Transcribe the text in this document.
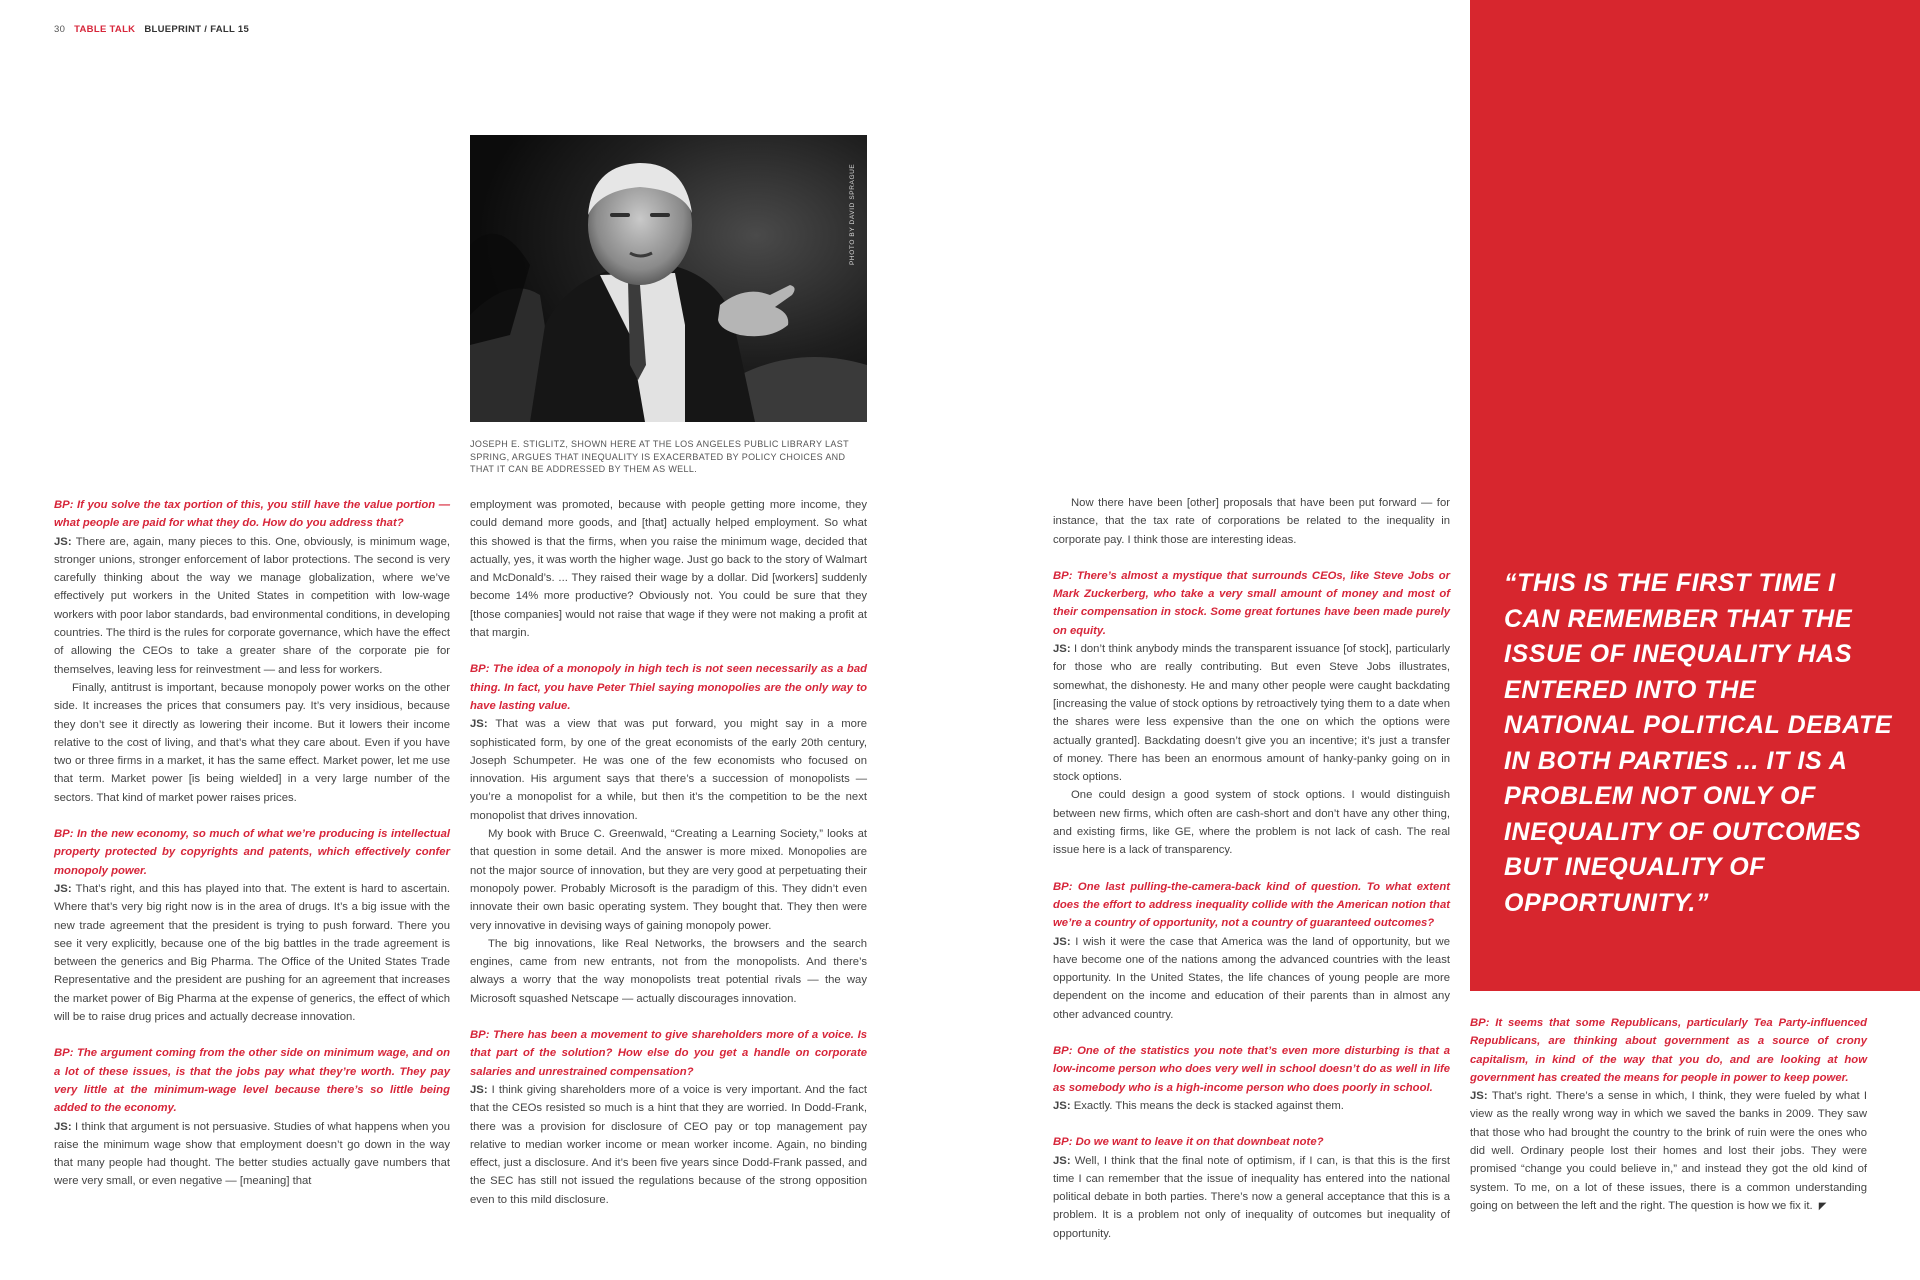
30 TABLE TALK BLUEPRINT / FALL 15
PHOTO BY DAVID SPRAGUE
JOSEPH E. STIGLITZ, SHOWN HERE AT THE LOS ANGELES PUBLIC LIBRARY LAST SPRING, ARGUES THAT INEQUALITY IS EXACERBATED BY POLICY CHOICES AND THAT IT CAN BE ADDRESSED BY THEM AS WELL.
“THIS IS THE FIRST TIME I CAN REMEMBER THAT THE ISSUE OF INEQUALITY HAS ENTERED INTO THE NATIONAL POLITICAL DEBATE IN BOTH PARTIES ... IT IS A PROBLEM NOT ONLY OF INEQUALITY OF OUTCOMES BUT INEQUALITY OF OPPORTUNITY.”

BP: If you solve the tax portion of this, you still have the value portion — what people are paid for what they do. How do you address that?

JS: There are, again, many pieces to this. One, obviously, is minimum wage, stronger unions, stronger enforcement of labor protections. The second is very carefully thinking about the way we manage globalization, where we’ve effectively put workers in the United States in competition with low-wage workers with poor labor standards, bad environmental conditions, in developing countries. The third is the rules for corporate governance, which have the effect of allowing the CEOs to take a greater share of the corporate pie for themselves, leaving less for reinvestment — and less for workers.

Finally, antitrust is important, because monopoly power works on the other side. It increases the prices that consumers pay. It’s very insidious, because they don’t see it directly as lowering their income. But it lowers their income relative to the cost of living, and that’s what they care about. Even if you have two or three firms in a market, it has the same effect. Market power, let me use that term. Market power [is being wielded] in a very large number of the sectors. That kind of market power raises prices.

BP: In the new economy, so much of what we’re producing is intellectual property protected by copyrights and patents, which effectively confer monopoly power.

JS: That’s right, and this has played into that. The extent is hard to ascertain. Where that’s very big right now is in the area of drugs. It’s a big issue with the new trade agreement that the president is trying to push forward. There you see it very explicitly, because one of the big battles in the trade agreement is between the generics and Big Pharma. The Office of the United States Trade Representative and the president are pushing for an agreement that increases the market power of Big Pharma at the expense of generics, the effect of which will be to raise drug prices and actually decrease innovation.

BP: The argument coming from the other side on minimum wage, and on a lot of these issues, is that the jobs pay what they’re worth. They pay very little at the minimum-wage level because there’s so little being added to the economy.

JS: I think that argument is not persuasive. Studies of what happens when you raise the minimum wage show that employment doesn’t go down in the way that many people had thought. The better studies actually gave numbers that were very small, or even negative — [meaning] that

employment was promoted, because with people getting more income, they could demand more goods, and [that] actually helped employment. So what this showed is that the firms, when you raise the minimum wage, decided that actually, yes, it was worth the higher wage. Just go back to the story of Walmart and McDonald’s. ... They raised their wage by a dollar. Did [workers] suddenly become 14% more productive? Obviously not. You could be sure that they [those companies] would not raise that wage if they were not making a profit at that margin.

BP: The idea of a monopoly in high tech is not seen necessarily as a bad thing. In fact, you have Peter Thiel saying monopolies are the only way to have lasting value.

JS: That was a view that was put forward, you might say in a more sophisticated form, by one of the great economists of the early 20th century, Joseph Schumpeter. He was one of the few economists who focused on innovation. His argument says that there’s a succession of monopolists — you’re a monopolist for a while, but then it’s the competition to be the next monopolist that drives innovation.

My book with Bruce C. Greenwald, “Creating a Learning Society,” looks at that question in some detail. And the answer is more mixed. Monopolies are not the major source of innovation, but they are very good at perpetuating their monopoly power. Probably Microsoft is the paradigm of this. They didn’t even innovate their own basic operating system. They bought that. They then were very innovative in devising ways of gaining monopoly power.

The big innovations, like Real Networks, the browsers and the search engines, came from new entrants, not from the monopolists. And there’s always a worry that the way monopolists treat potential rivals — the way Microsoft squashed Netscape — actually discourages innovation.

BP: There has been a movement to give shareholders more of a voice. Is that part of the solution? How else do you get a handle on corporate salaries and unrestrained compensation?

JS: I think giving shareholders more of a voice is very important. And the fact that the CEOs resisted so much is a hint that they are worried. In Dodd-Frank, there was a provision for disclosure of CEO pay or top management pay relative to median worker income or mean worker income. Again, no binding effect, just a disclosure. And it’s been five years since Dodd-Frank passed, and the SEC has still not issued the regulations because of the strong opposition even to this mild disclosure.

Now there have been [other] proposals that have been put forward — for instance, that the tax rate of corporations be related to the inequality in corporate pay. I think those are interesting ideas.

BP: There’s almost a mystique that surrounds CEOs, like Steve Jobs or Mark Zuckerberg, who take a very small amount of money and most of their compensation in stock. Some great fortunes have been made purely on equity.

JS: I don’t think anybody minds the transparent issuance [of stock], particularly for those who are really contributing. But even Steve Jobs illustrates, somewhat, the dishonesty. He and many other people were caught backdating [increasing the value of stock options by retroactively tying them to a date when the shares were less expensive than the one on which the options were actually granted]. Backdating doesn’t give you an incentive; it’s just a transfer of money. There has been an enormous amount of hanky-panky going on in stock options.

One could design a good system of stock options. I would distinguish between new firms, which often are cash-short and don’t have any other thing, and existing firms, like GE, where the problem is not lack of cash. The real issue here is a lack of transparency.

BP: One last pulling-the-camera-back kind of question. To what extent does the effort to address inequality collide with the American notion that we’re a country of opportunity, not a country of guaranteed outcomes?

JS: I wish it were the case that America was the land of opportunity, but we have become one of the nations among the advanced countries with the least opportunity. In the United States, the life chances of young people are more dependent on the income and education of their parents than in almost any other advanced country.

BP: One of the statistics you note that’s even more disturbing is that a low-income person who does very well in school doesn’t do as well in life as somebody who is a high-income person who does poorly in school.

JS: Exactly. This means the deck is stacked against them.

BP: Do we want to leave it on that downbeat note?

JS: Well, I think that the final note of optimism, if I can, is that this is the first time I can remember that the issue of inequality has entered into the national political debate in both parties. There’s now a general acceptance that this is a problem. It is a problem not only of inequality of outcomes but inequality of opportunity.

BP: It seems that some Republicans, particularly Tea Party-influenced Republicans, are thinking about government as a source of crony capitalism, in kind of the way that you do, and are looking at how government has created the means for people in power to keep power.

JS: That’s right. There’s a sense in which, I think, they were fueled by what I view as the really wrong way in which we saved the banks in 2009. They saw that those who had brought the country to the brink of ruin were the ones who did well. Ordinary people lost their homes and lost their jobs. They were promised “change you could believe in,” and instead they got the old kind of system. To me, on a lot of these issues, there is a common understanding going on between the left and the right. The question is how we fix it. ◤
